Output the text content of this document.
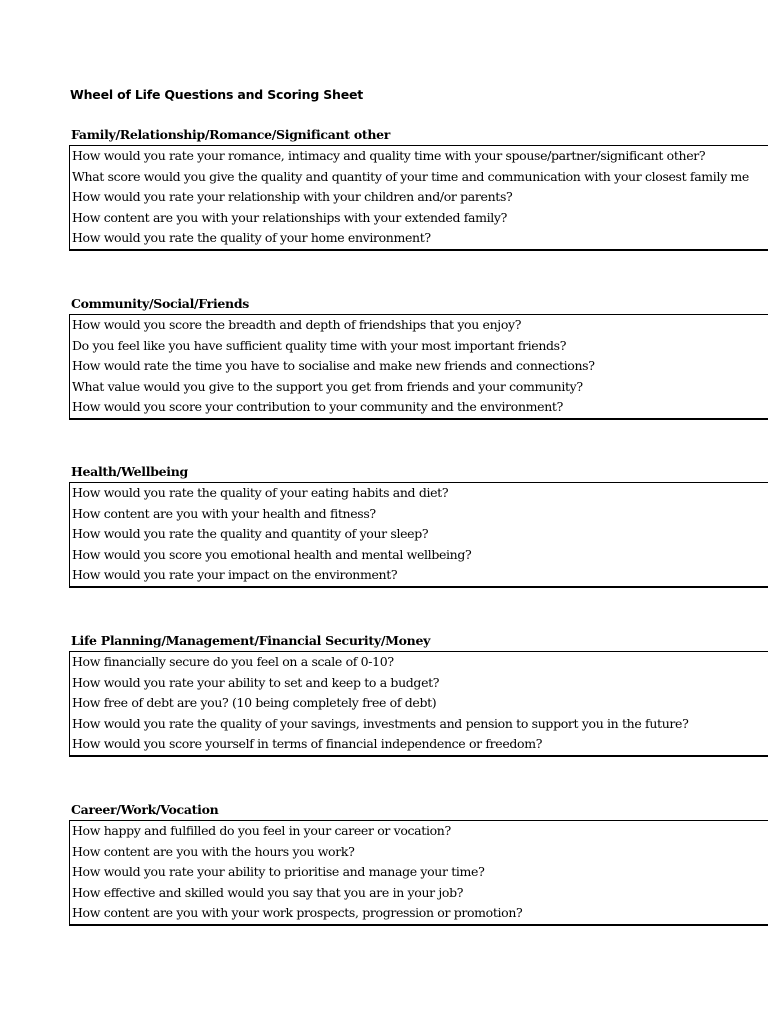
Wheel of Life Questions and Scoring Sheet
Family/Relationship/Romance/Significant other
How would you rate your romance, intimacy and quality time with your spouse/partner/significant other?
What score would you give the quality and quantity of your time and communication with your closest family me
How would you rate your relationship with your children and/or parents?
How content are you with your relationships with your extended family?
How would you rate the quality of your home environment?
Community/Social/Friends
How would you score the breadth and depth of friendships that you enjoy?
Do you feel like you have sufficient quality time with your most important friends?
How would rate the time you have to socialise and make new friends and connections?
What value would you give to the support you get from friends and your community?
How would you score your contribution to your community and the environment?
Health/Wellbeing
How would you rate the quality of your eating habits and diet?
How content are you with your health and fitness?
How would you rate the quality and quantity of your sleep?
How would you score you emotional health and mental wellbeing?
How would you rate your impact on the environment?
Life Planning/Management/Financial Security/Money
How financially secure do you feel on a scale of 0-10?
How would you rate your ability to set and keep to a budget?
How free of debt are you? (10 being completely free of debt)
How would you rate the quality of your savings, investments and pension to support you in the future?
How would you score yourself in terms of financial independence or freedom?
Career/Work/Vocation
How happy and fulfilled do you feel in your career or vocation?
How content are you with the hours you work?
How would you rate your ability to prioritise and manage your time?
How effective and skilled would you say that you are in your job?
How content are you with your work prospects, progression or promotion?
